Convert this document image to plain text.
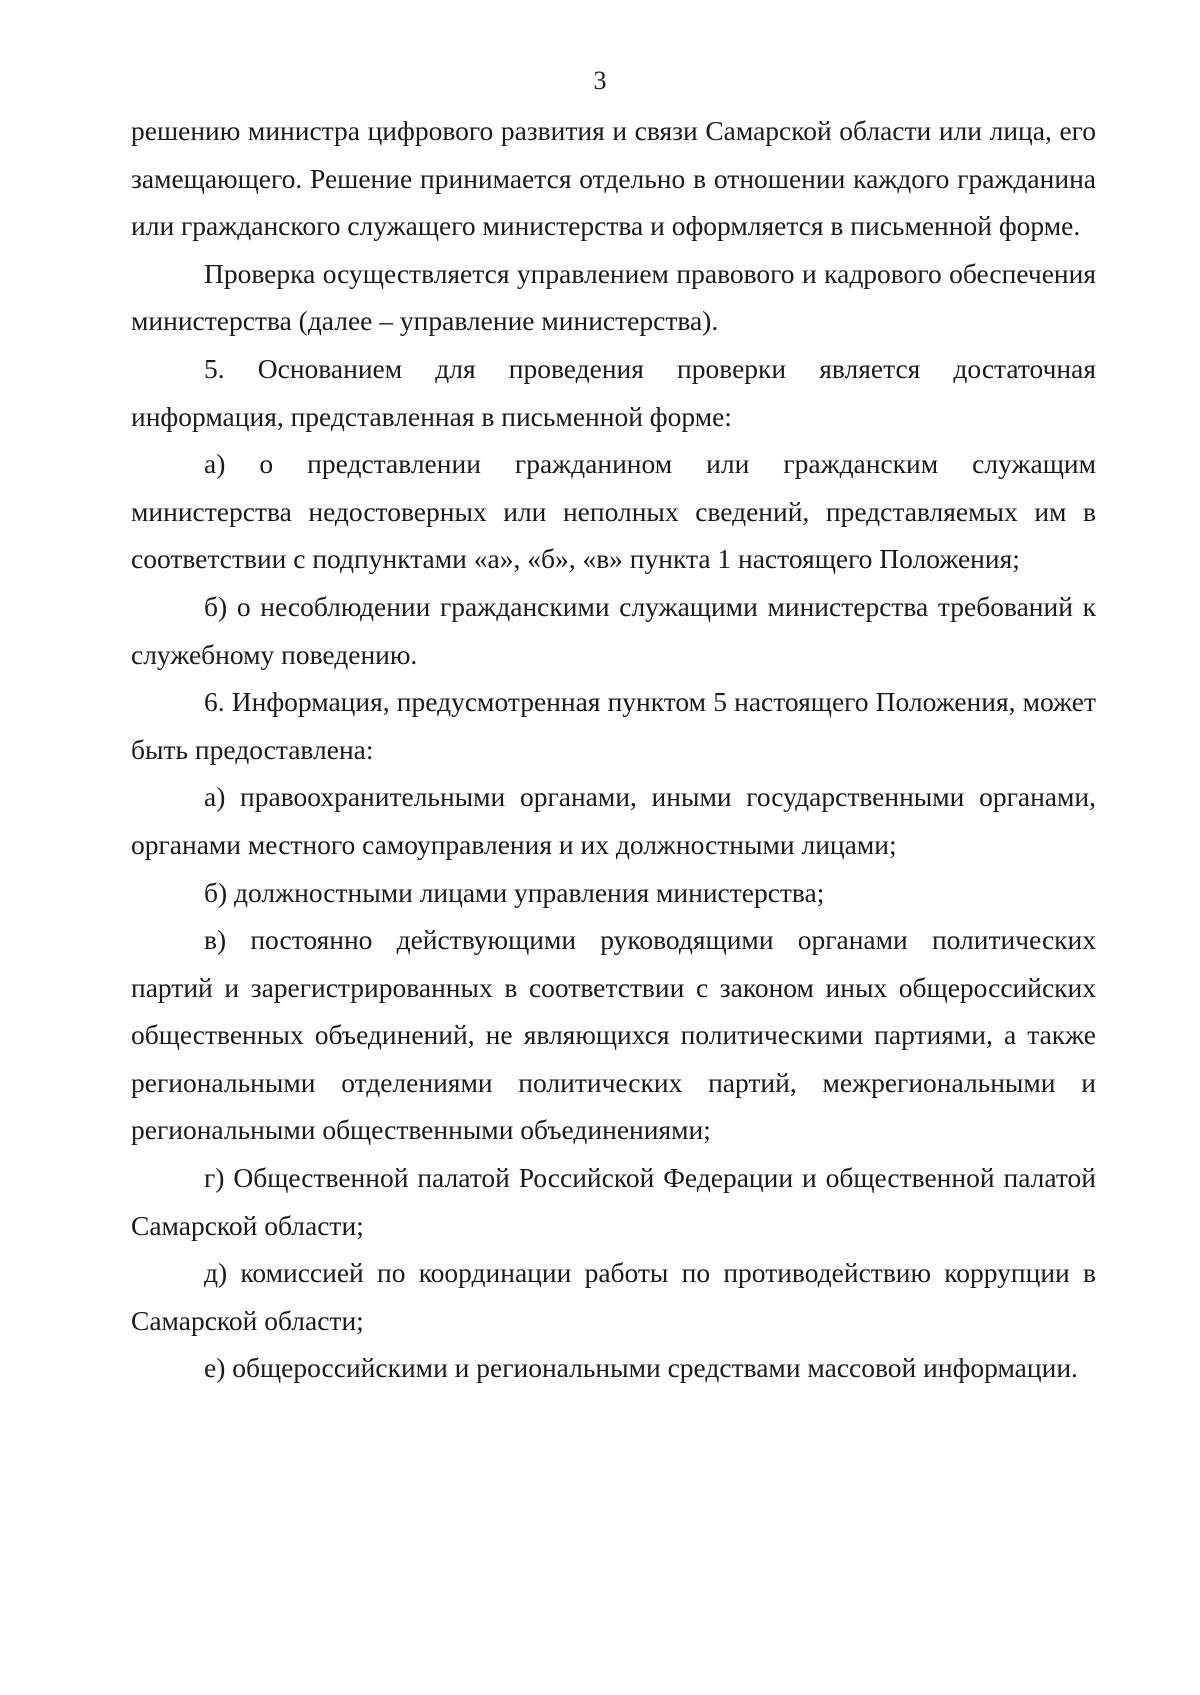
3

решению министра цифрового развития и связи Самарской области или лица, его замещающего. Решение принимается отдельно в отношении каждого гражданина или гражданского служащего министерства и оформляется в письменной форме.

Проверка осуществляется управлением правового и кадрового обеспечения министерства (далее – управление министерства).

5. Основанием для проведения проверки является достаточная информация, представленная в письменной форме:

а) о представлении гражданином или гражданским служащим министерства недостоверных или неполных сведений, представляемых им в соответствии с подпунктами «а», «б», «в» пункта 1 настоящего Положения;

б) о несоблюдении гражданскими служащими министерства требований к служебному поведению.

6. Информация, предусмотренная пунктом 5 настоящего Положения, может быть предоставлена:

а) правоохранительными органами, иными государственными органами, органами местного самоуправления и их должностными лицами;

б) должностными лицами управления министерства;

в) постоянно действующими руководящими органами политических партий и зарегистрированных в соответствии с законом иных общероссийских общественных объединений, не являющихся политическими партиями, а также региональными отделениями политических партий, межрегиональными и региональными общественными объединениями;

г) Общественной палатой Российской Федерации и общественной палатой Самарской области;

д) комиссией по координации работы по противодействию коррупции в Самарской области;

е) общероссийскими и региональными средствами массовой информации.
